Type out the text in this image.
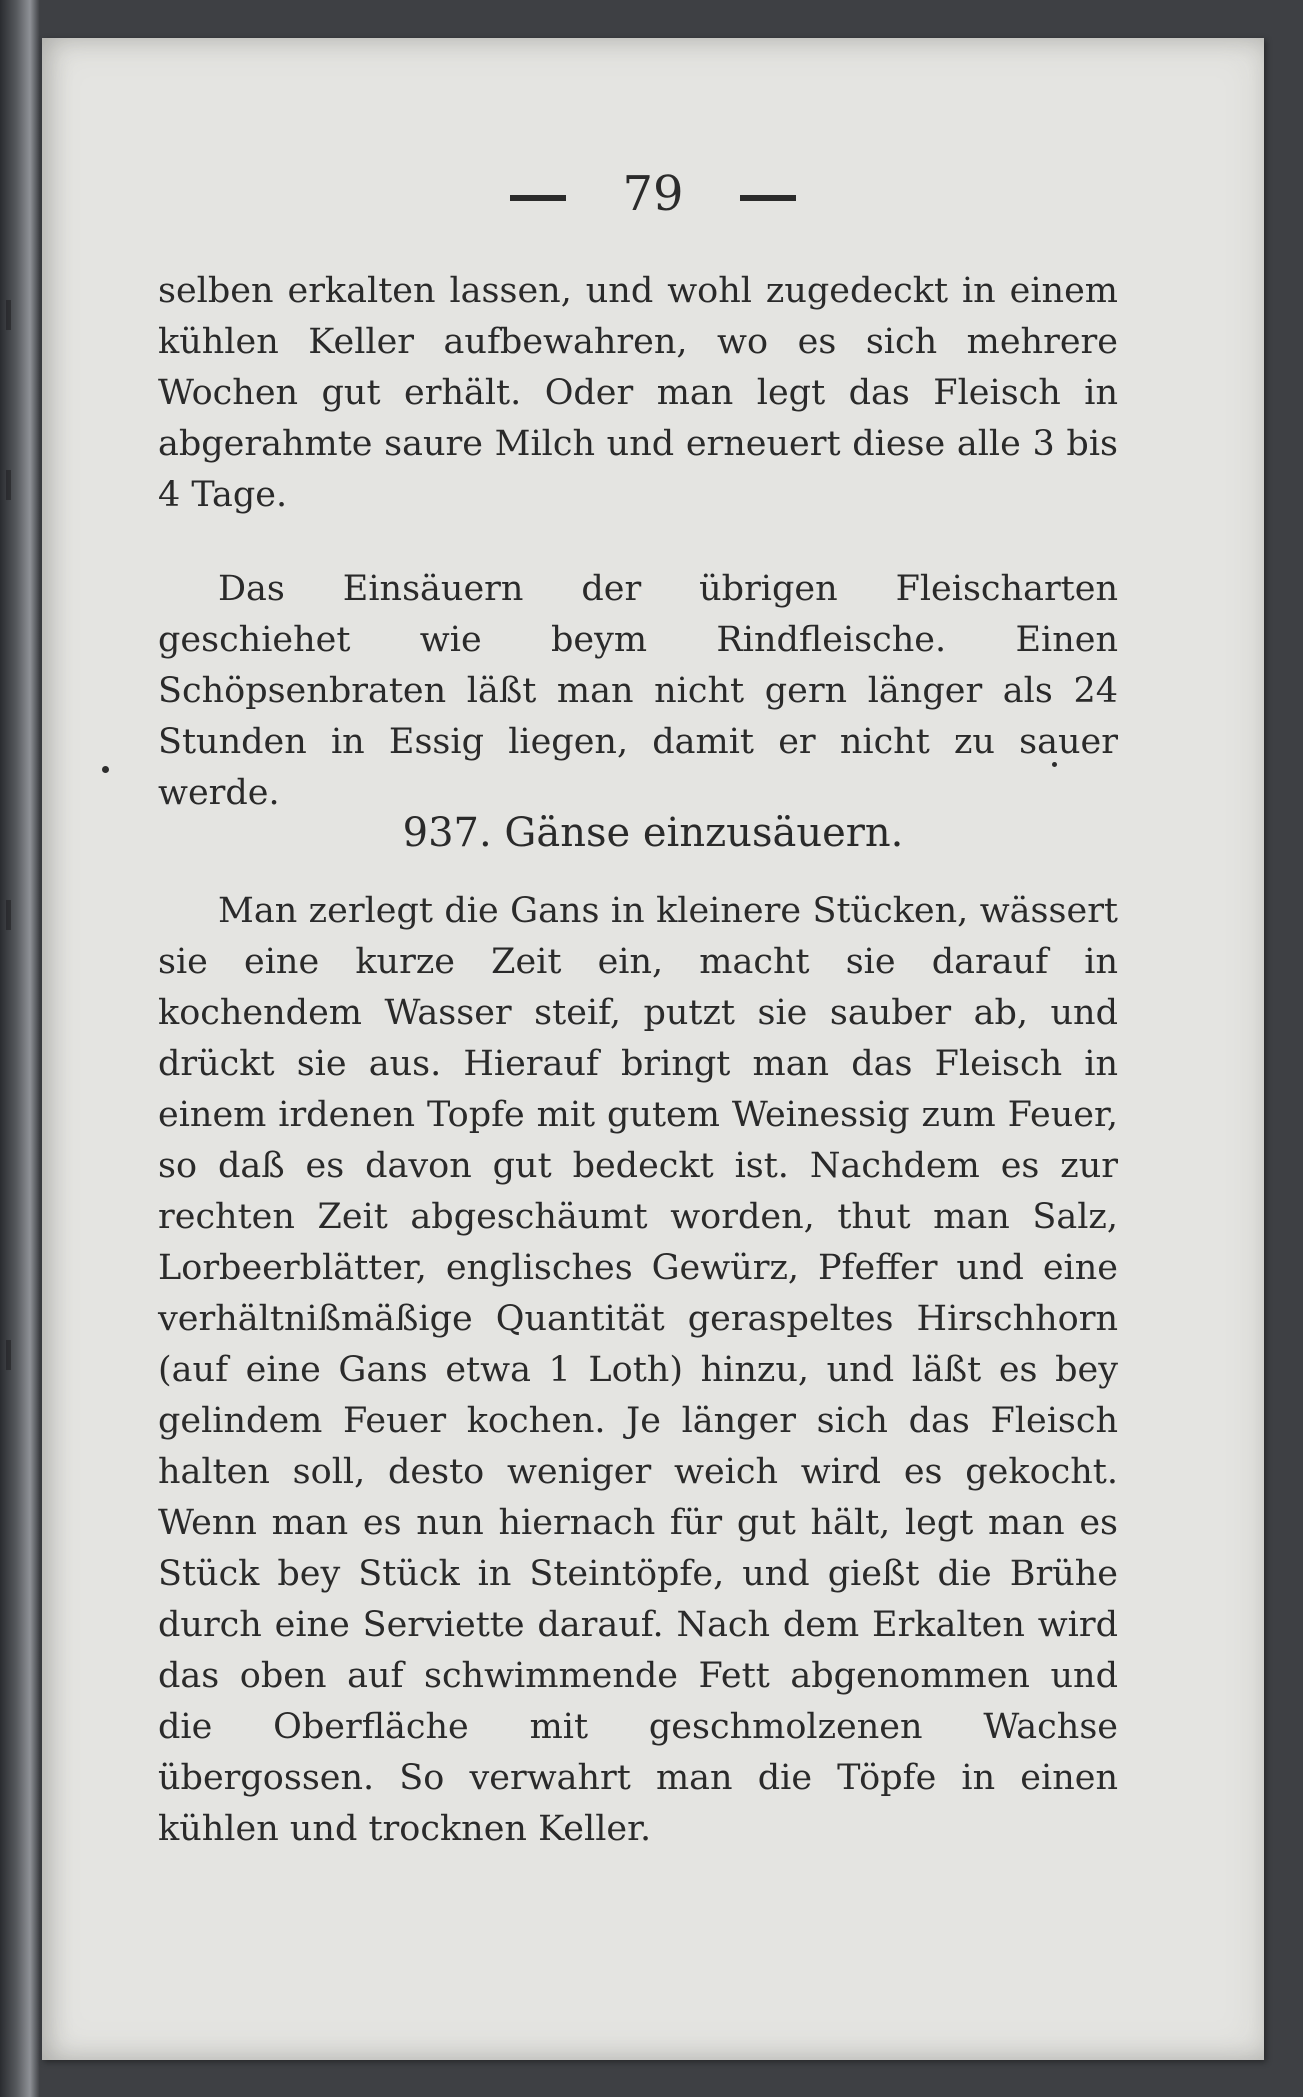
79
selben erkalten lassen, und wohl zugedeckt in einem kühlen Keller aufbewahren, wo es sich mehrere Wochen gut erhält. Oder man legt das Fleisch in abgerahmte saure Milch und erneuert diese alle 3 bis 4 Tage.
Das Einsäuern der übrigen Fleischarten geschiehet wie beym Rindfleische. Einen Schöpsenbraten läßt man nicht gern länger als 24 Stunden in Essig liegen, damit er nicht zu sauer werde.
937. Gänse einzusäuern.
Man zerlegt die Gans in kleinere Stücken, wässert sie eine kurze Zeit ein, macht sie darauf in kochendem Wasser steif, putzt sie sauber ab, und drückt sie aus. Hierauf bringt man das Fleisch in einem irdenen Topfe mit gutem Weinessig zum Feuer, so daß es davon gut bedeckt ist. Nachdem es zur rechten Zeit abgeschäumt worden, thut man Salz, Lorbeerblätter, englisches Gewürz, Pfeffer und eine verhältnißmäßige Quantität geraspeltes Hirschhorn (auf eine Gans etwa 1 Loth) hinzu, und läßt es bey gelindem Feuer kochen. Je länger sich das Fleisch halten soll, desto weniger weich wird es gekocht. Wenn man es nun hiernach für gut hält, legt man es Stück bey Stück in Steintöpfe, und gießt die Brühe durch eine Serviette darauf. Nach dem Erkalten wird das oben auf schwimmende Fett abgenommen und die Oberfläche mit geschmolzenen Wachse übergossen. So verwahrt man die Töpfe in einen kühlen und trocknen Keller.
